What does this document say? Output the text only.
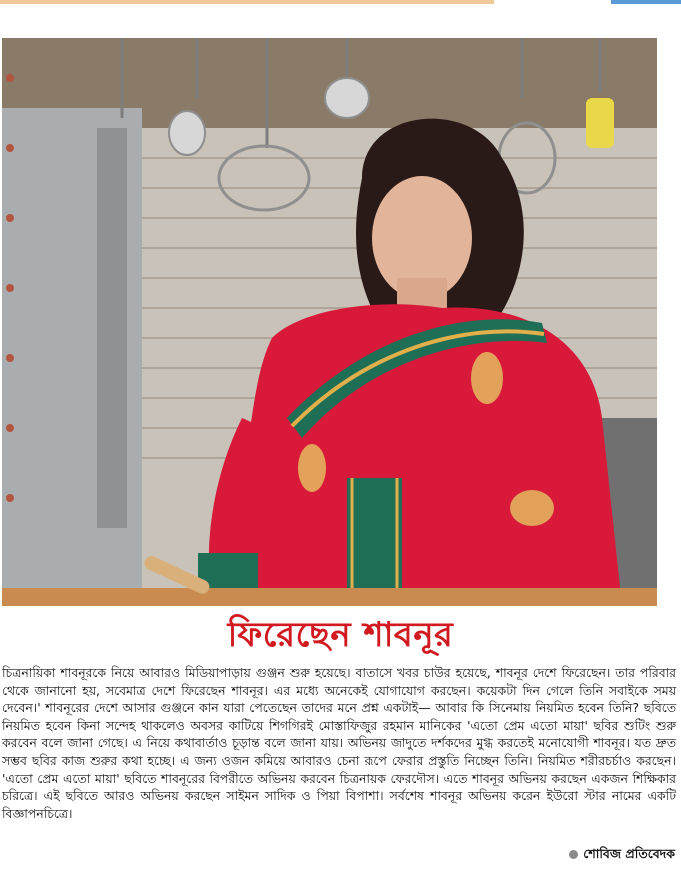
ফিরেছেন শাবনূর

চিত্রনায়িকা শাবনূরকে নিয়ে আবারও মিডিয়াপাড়ায় গুঞ্জন শুরু হয়েছে। বাতাসে খবর চাউর হয়েছে, শাবনূর দেশে ফিরেছেন। তার পরিবার থেকে জানানো হয়, সবেমাত্র দেশে ফিরেছেন শাবনূর। এর মধ্যে অনেকেই যোগাযোগ করছেন। কয়েকটা দিন গেলে তিনি সবাইকে সময় দেবেন।' শাবনূরের দেশে আসার গুঞ্জনে কান যারা পেতেছেন তাদের মনে প্রশ্ন একটাই— আবার কি সিনেমায় নিয়মিত হবেন তিনি? ছবিতে নিয়মিত হবেন কিনা সন্দেহ থাকলেও অবসর কাটিয়ে শিগগিরই মোস্তাফিজুর রহমান মানিকের 'এতো প্রেম এতো মায়া' ছবির শুটিং শুরু করবেন বলে জানা গেছে। এ নিয়ে কথাবার্তাও চূড়ান্ত বলে জানা যায়। অভিনয় জাদুতে দর্শকদের মুগ্ধ করতেই মনোযোগী শাবনূর। যত দ্রুত সম্ভব ছবির কাজ শুরুর কথা হচ্ছে। এ জন্য ওজন কমিয়ে আবারও চেনা রূপে ফেরার প্রস্তুতি নিচ্ছেন তিনি। নিয়মিত শরীরচর্চাও করছেন। 'এতো প্রেম এতো মায়া' ছবিতে শাবনূরের বিপরীতে অভিনয় করবেন চিত্রনায়ক ফেরদৌস। এতে শাবনূর অভিনয় করছেন একজন শিক্ষিকার চরিত্রে। এই ছবিতে আরও অভিনয় করছেন সাইমন সাদিক ও পিয়া বিপাশা। সর্বশেষ শাবনূর অভিনয় করেন ইউরো স্টার নামের একটি বিজ্ঞাপনচিত্রে।

শোবিজ প্রতিবেদক
